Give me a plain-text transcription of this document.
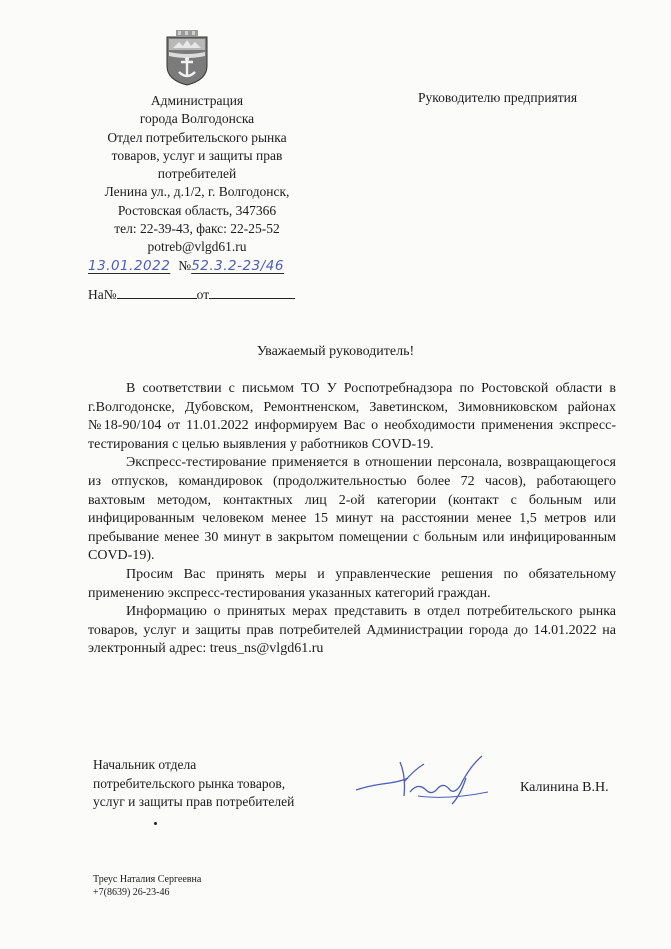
Администрация
города Волгодонска
Отдел потребительского рынка
товаров, услуг и защиты прав
потребителей
Ленина ул., д.1/2, г. Волгодонск,
Ростовская область, 347366
тел: 22-39-43, факс: 22-25-52
potreb@vlgd61.ru
Руководителю предприятия
13.01.2022 №52.3.2-23/46
На№	от
Уважаемый руководитель!

В соответствии с письмом ТО У Роспотребнадзора по Ростовской области в г.Волгодонске, Дубовском, Ремонтненском, Заветинском, Зимовниковском районах №18-90/104 от 11.01.2022 информируем Вас о необходимости применения экспресс-тестирования с целью выявления у работников COVD-19.

Экспресс-тестирование применяется в отношении персонала, возвращающегося из отпусков, командировок (продолжительностью более 72 часов), работающего вахтовым методом, контактных лиц 2-ой категории (контакт с больным или инфицированным человеком менее 15 минут на расстоянии менее 1,5 метров или пребывание менее 30 минут в закрытом помещении с больным или инфицированным COVD-19).

Просим Вас принять меры и управленческие решения по обязательному применению экспресс-тестирования указанных категорий граждан.

Информацию о принятых мерах представить в отдел потребительского рынка товаров, услуг и защиты прав потребителей Администрации города до 14.01.2022 на электронный адрес: treus_ns@vlgd61.ru

Начальник отдела
потребительского рынка товаров,
услуг и защиты прав потребителей
Калинина В.Н.
Треус Наталия Сергеевна
+7(8639) 26-23-46
